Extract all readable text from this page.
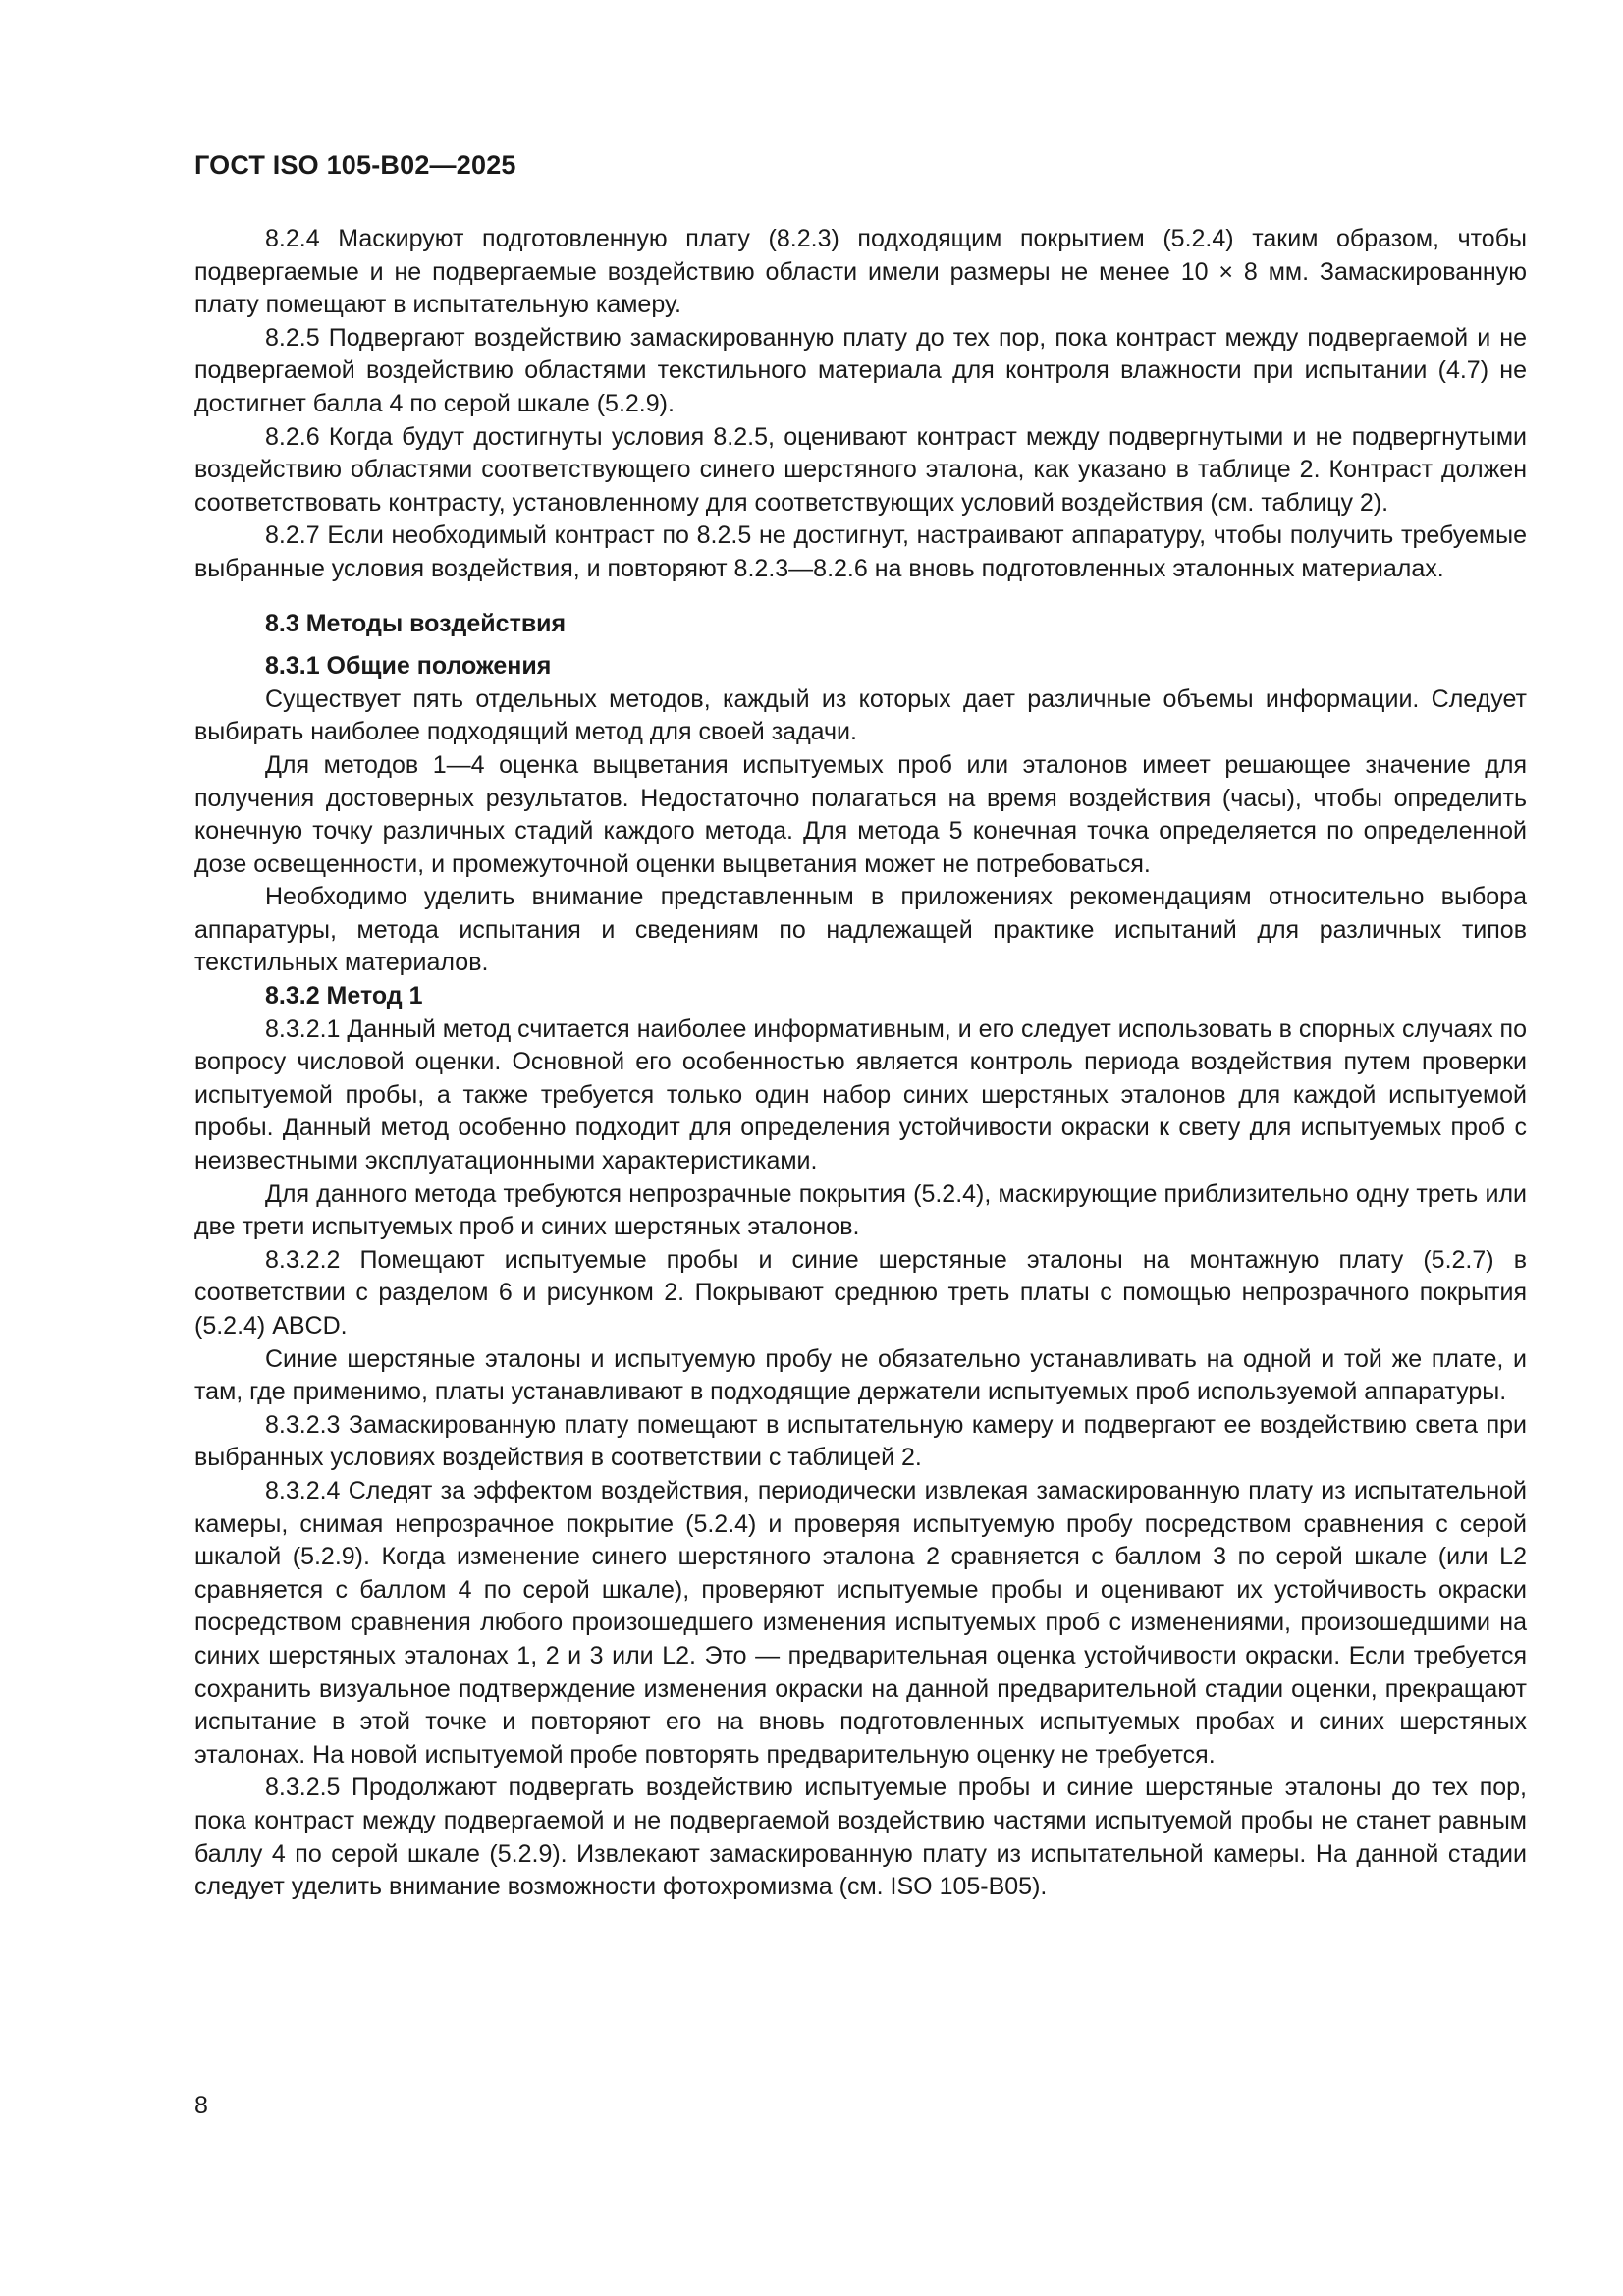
ГОСТ ISO 105-B02—2025

8.2.4 Маскируют подготовленную плату (8.2.3) подходящим покрытием (5.2.4) таким образом, чтобы подвергаемые и не подвергаемые воздействию области имели размеры не менее 10 × 8 мм. Замаскированную плату помещают в испытательную камеру.

8.2.5 Подвергают воздействию замаскированную плату до тех пор, пока контраст между подвергаемой и не подвергаемой воздействию областями текстильного материала для контроля влажности при испытании (4.7) не достигнет балла 4 по серой шкале (5.2.9).

8.2.6 Когда будут достигнуты условия 8.2.5, оценивают контраст между подвергнутыми и не подвергнутыми воздействию областями соответствующего синего шерстяного эталона, как указано в таблице 2. Контраст должен соответствовать контрасту, установленному для соответствующих условий воздействия (см. таблицу 2).

8.2.7 Если необходимый контраст по 8.2.5 не достигнут, настраивают аппаратуру, чтобы получить требуемые выбранные условия воздействия, и повторяют 8.2.3—8.2.6 на вновь подготовленных эталонных материалах.

8.3 Методы воздействия
8.3.1 Общие положения

Существует пять отдельных методов, каждый из которых дает различные объемы информации. Следует выбирать наиболее подходящий метод для своей задачи.

Для методов 1—4 оценка выцветания испытуемых проб или эталонов имеет решающее значение для получения достоверных результатов. Недостаточно полагаться на время воздействия (часы), чтобы определить конечную точку различных стадий каждого метода. Для метода 5 конечная точка определяется по определенной дозе освещенности, и промежуточной оценки выцветания может не потребоваться.

Необходимо уделить внимание представленным в приложениях рекомендациям относительно выбора аппаратуры, метода испытания и сведениям по надлежащей практике испытаний для различных типов текстильных материалов.

8.3.2 Метод 1

8.3.2.1 Данный метод считается наиболее информативным, и его следует использовать в спорных случаях по вопросу числовой оценки. Основной его особенностью является контроль периода воздействия путем проверки испытуемой пробы, а также требуется только один набор синих шерстяных эталонов для каждой испытуемой пробы. Данный метод особенно подходит для определения устойчивости окраски к свету для испытуемых проб с неизвестными эксплуатационными характеристиками.

Для данного метода требуются непрозрачные покрытия (5.2.4), маскирующие приблизительно одну треть или две трети испытуемых проб и синих шерстяных эталонов.

8.3.2.2 Помещают испытуемые пробы и синие шерстяные эталоны на монтажную плату (5.2.7) в соответствии с разделом 6 и рисунком 2. Покрывают среднюю треть платы с помощью непрозрачного покрытия (5.2.4) ABCD.

Синие шерстяные эталоны и испытуемую пробу не обязательно устанавливать на одной и той же плате, и там, где применимо, платы устанавливают в подходящие держатели испытуемых проб используемой аппаратуры.

8.3.2.3 Замаскированную плату помещают в испытательную камеру и подвергают ее воздействию света при выбранных условиях воздействия в соответствии с таблицей 2.

8.3.2.4 Следят за эффектом воздействия, периодически извлекая замаскированную плату из испытательной камеры, снимая непрозрачное покрытие (5.2.4) и проверяя испытуемую пробу посредством сравнения с серой шкалой (5.2.9). Когда изменение синего шерстяного эталона 2 сравняется с баллом 3 по серой шкале (или L2 сравняется с баллом 4 по серой шкале), проверяют испытуемые пробы и оценивают их устойчивость окраски посредством сравнения любого произошедшего изменения испытуемых проб с изменениями, произошедшими на синих шерстяных эталонах 1, 2 и 3 или L2. Это — предварительная оценка устойчивости окраски. Если требуется сохранить визуальное подтверждение изменения окраски на данной предварительной стадии оценки, прекращают испытание в этой точке и повторяют его на вновь подготовленных испытуемых пробах и синих шерстяных эталонах. На новой испытуемой пробе повторять предварительную оценку не требуется.

8.3.2.5 Продолжают подвергать воздействию испытуемые пробы и синие шерстяные эталоны до тех пор, пока контраст между подвергаемой и не подвергаемой воздействию частями испытуемой пробы не станет равным баллу 4 по серой шкале (5.2.9). Извлекают замаскированную плату из испытательной камеры. На данной стадии следует уделить внимание возможности фотохромизма (см. ISO 105-B05).

8
